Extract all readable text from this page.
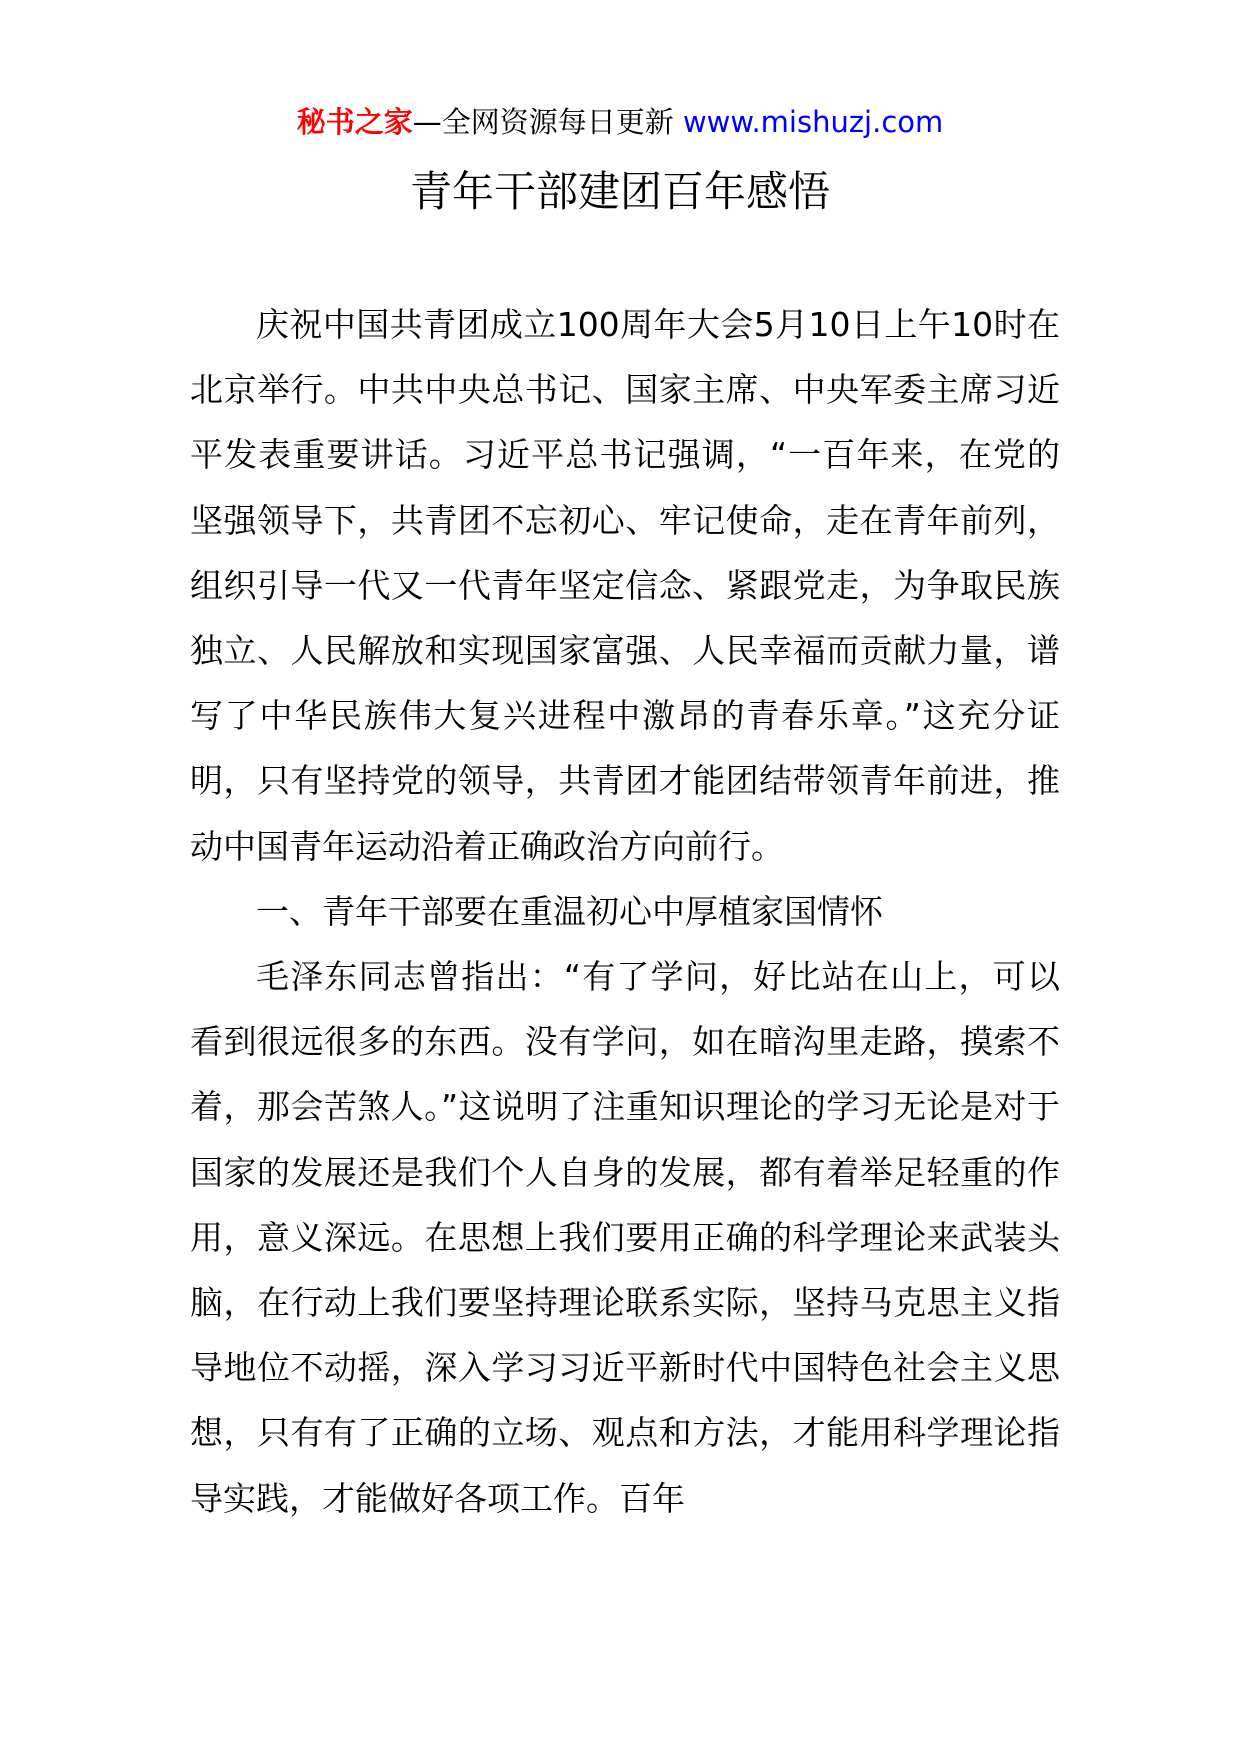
秘书之家—全网资源每日更新 www.mishuzj.com
青年干部建团百年感悟

庆祝中国共青团成立100周年大会5月10日上午10时在北京举行。中共中央总书记、国家主席、中央军委主席习近平发表重要讲话。习近平总书记强调，“一百年来，在党的坚强领导下，共青团不忘初心、牢记使命，走在青年前列，组织引导一代又一代青年坚定信念、紧跟党走，为争取民族独立、人民解放和实现国家富强、人民幸福而贡献力量，谱写了中华民族伟大复兴进程中激昂的青春乐章。”这充分证明，只有坚持党的领导，共青团才能团结带领青年前进，推动中国青年运动沿着正确政治方向前行。

一、青年干部要在重温初心中厚植家国情怀

毛泽东同志曾指出：“有了学问，好比站在山上，可以看到很远很多的东西。没有学问，如在暗沟里走路，摸索不着，那会苦煞人。”这说明了注重知识理论的学习无论是对于国家的发展还是我们个人自身的发展，都有着举足轻重的作用，意义深远。在思想上我们要用正确的科学理论来武装头脑，在行动上我们要坚持理论联系实际，坚持马克思主义指导地位不动摇，深入学习习近平新时代中国特色社会主义思想，只有有了正确的立场、观点和方法，才能用科学理论指导实践，才能做好各项工作。百年
